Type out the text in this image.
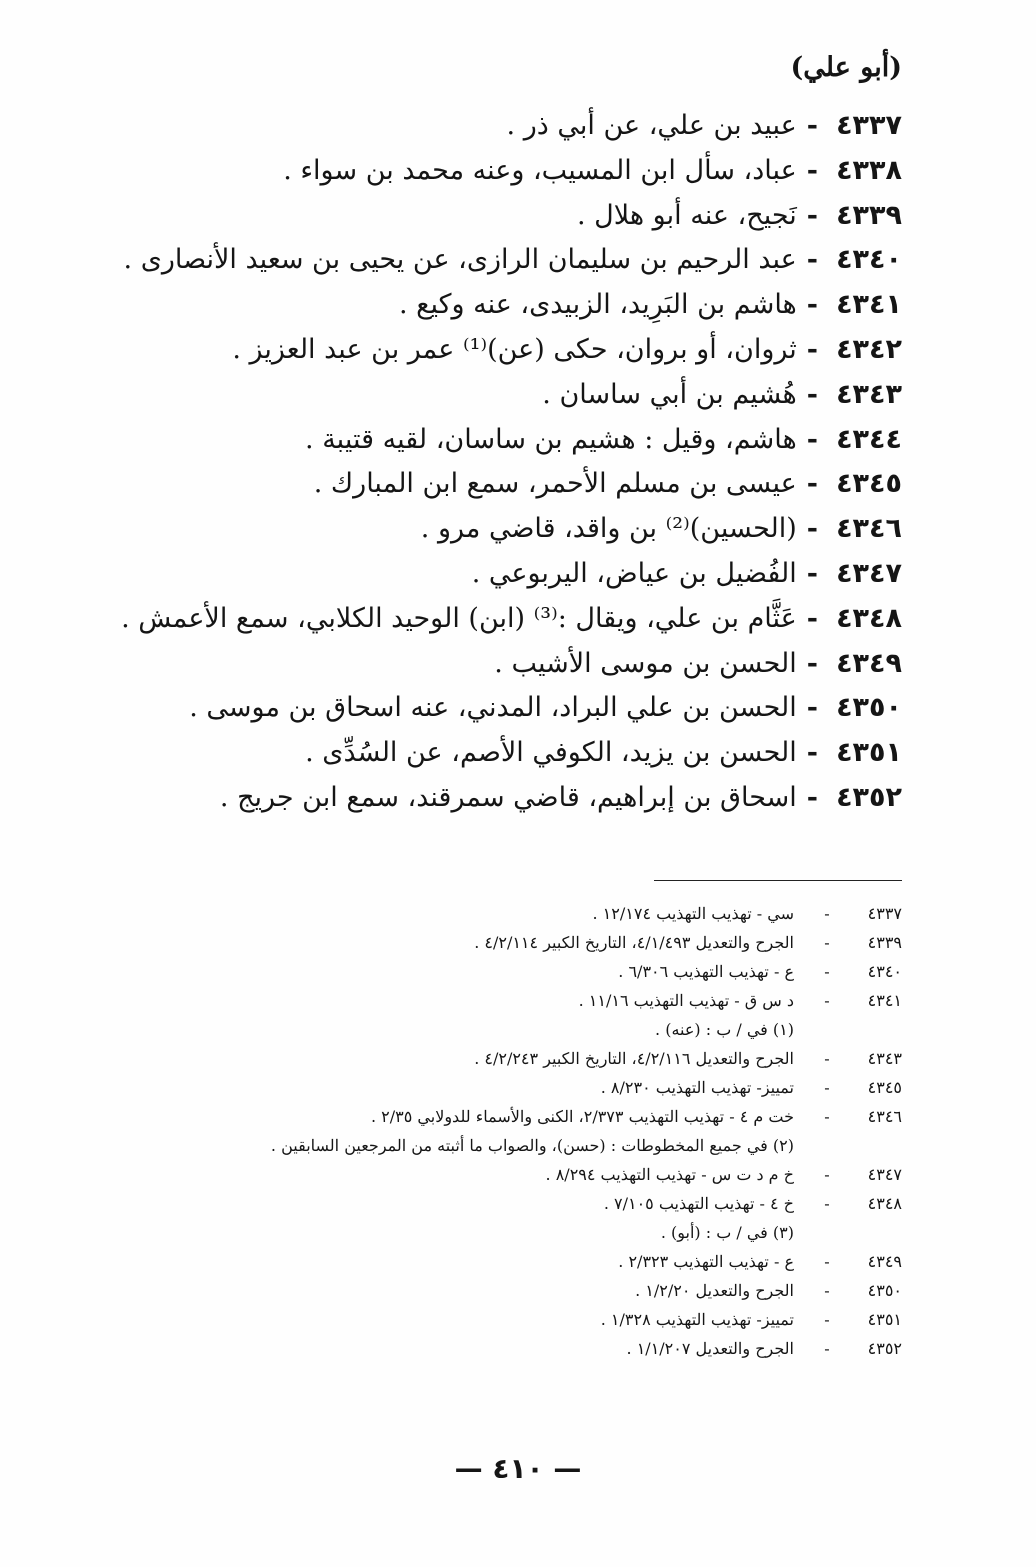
(أبو علي)
٤٣٣٧
-
عبيد بن علي، عن أبي ذر .
٤٣٣٨
-
عباد، سأل ابن المسيب، وعنه محمد بن سواء .
٤٣٣٩
-
نَجيح، عنه أبو هلال .
٤٣٤٠
-
عبد الرحيم بن سليمان الرازى، عن يحيى بن سعيد الأنصارى .
٤٣٤١
-
هاشم بن البَرِيد، الزبيدى، عنه وكيع .
٤٣٤٢
-
ثروان، أو بروان، حكى (عن)⁽¹⁾ عمر بن عبد العزيز .
٤٣٤٣
-
هُشيم بن أبي ساسان .
٤٣٤٤
-
هاشم، وقيل : هشيم بن ساسان، لقيه قتيبة .
٤٣٤٥
-
عيسى بن مسلم الأحمر، سمع ابن المبارك .
٤٣٤٦
-
(الحسين)⁽²⁾ بن واقد، قاضي مرو .
٤٣٤٧
-
الفُضيل بن عياض، اليربوعي .
٤٣٤٨
-
عَثَّام بن علي، ويقال :⁽³⁾ (ابن) الوحيد الكلابي، سمع الأعمش .
٤٣٤٩
-
الحسن بن موسى الأشيب .
٤٣٥٠
-
الحسن بن علي البراد، المدني، عنه اسحاق بن موسى .
٤٣٥١
-
الحسن بن يزيد، الكوفي الأصم، عن السُدِّى .
٤٣٥٢
-
اسحاق بن إبراهيم، قاضي سمرقند، سمع ابن جريج .
٤٣٣٧
-
سي - تهذيب التهذيب ١٢/١٧٤ .
٤٣٣٩
-
الجرح والتعديل ٤/١/٤٩٣، التاريخ الكبير ٤/٢/١١٤ .
٤٣٤٠
-
ع - تهذيب التهذيب ٦/٣٠٦ .
٤٣٤١
-
د س ق - تهذيب التهذيب ١١/١٦ .
(١) في / ب : (عنه) .
٤٣٤٣
-
الجرح والتعديل ٤/٢/١١٦، التاريخ الكبير ٤/٢/٢٤٣ .
٤٣٤٥
-
تمييز- تهذيب التهذيب ٨/٢٣٠ .
٤٣٤٦
-
خت م ٤ - تهذيب التهذيب ٢/٣٧٣، الكنى والأسماء للدولابي ٢/٣٥ .
(٢) في جميع المخطوطات : (حسن)، والصواب ما أثبته من المرجعين السابقين .
٤٣٤٧
-
خ م د ت س - تهذيب التهذيب ٨/٢٩٤ .
٤٣٤٨
-
خ ٤ - تهذيب التهذيب ٧/١٠٥ .
(٣) في / ب : (أبو) .
٤٣٤٩
-
ع - تهذيب التهذيب ٢/٣٢٣ .
٤٣٥٠
-
الجرح والتعديل ١/٢/٢٠ .
٤٣٥١
-
تمييز- تهذيب التهذيب ١/٣٢٨ .
٤٣٥٢
-
الجرح والتعديل ١/١/٢٠٧ .
— ٤١٠ —
